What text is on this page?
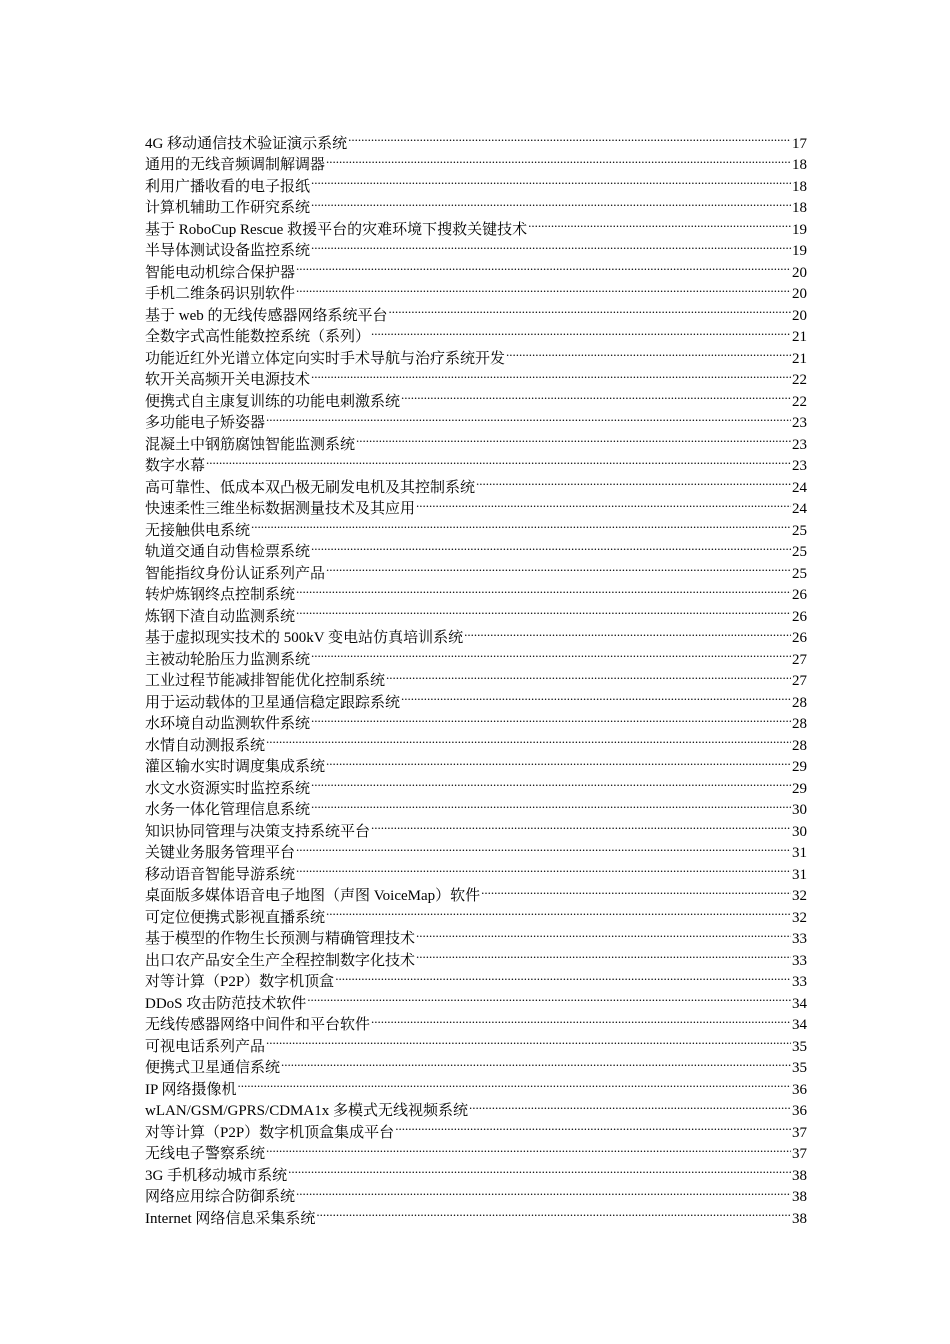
4G 移动通信技术验证演示系统 .....	17
通用的无线音频调制解调器 .....	18
利用广播收看的电子报纸 .....	18
计算机辅助工作研究系统 .....	18
基于 RoboCup Rescue 救援平台的灾难环境下搜救关键技术 .....	19
半导体测试设备监控系统 .....	19
智能电动机综合保护器 .....	20
手机二维条码识别软件 .....	20
基于 web 的无线传感器网络系统平台 .....	20
全数字式高性能数控系统（系列） .....	21
功能近红外光谱立体定向实时手术导航与治疗系统开发 .....	21
软开关高频开关电源技术 .....	22
便携式自主康复训练的功能电刺激系统 .....	22
多功能电子矫姿器 .....	23
混凝土中钢筋腐蚀智能监测系统 .....	23
数字水幕 .....	23
高可靠性、低成本双凸极无刷发电机及其控制系统 .....	24
快速柔性三维坐标数据测量技术及其应用 .....	24
无接触供电系统 .....	25
轨道交通自动售检票系统 .....	25
智能指纹身份认证系列产品 .....	25
转炉炼钢终点控制系统 .....	26
炼钢下渣自动监测系统 .....	26
基于虚拟现实技术的 500kV 变电站仿真培训系统 .....	26
主被动轮胎压力监测系统 .....	27
工业过程节能减排智能优化控制系统 .....	27
用于运动载体的卫星通信稳定跟踪系统 .....	28
水环境自动监测软件系统 .....	28
水情自动测报系统 .....	28
灌区输水实时调度集成系统 .....	29
水文水资源实时监控系统 .....	29
水务一体化管理信息系统 .....	30
知识协同管理与决策支持系统平台 .....	30
关键业务服务管理平台 .....	31
移动语音智能导游系统 .....	31
桌面版多媒体语音电子地图（声图 VoiceMap）软件 .....	32
可定位便携式影视直播系统 .....	32
基于模型的作物生长预测与精确管理技术 .....	33
出口农产品安全生产全程控制数字化技术 .....	33
对等计算（P2P）数字机顶盒 .....	33
DDoS 攻击防范技术软件 .....	34
无线传感器网络中间件和平台软件 .....	34
可视电话系列产品 .....	35
便携式卫星通信系统 .....	35
IP 网络摄像机 .....	36
wLAN/GSM/GPRS/CDMA1x 多模式无线视频系统 .....	36
对等计算（P2P）数字机顶盒集成平台 .....	37
无线电子警察系统 .....	37
3G 手机移动城市系统 .....	38
网络应用综合防御系统 .....	38
Internet 网络信息采集系统 .....	38
